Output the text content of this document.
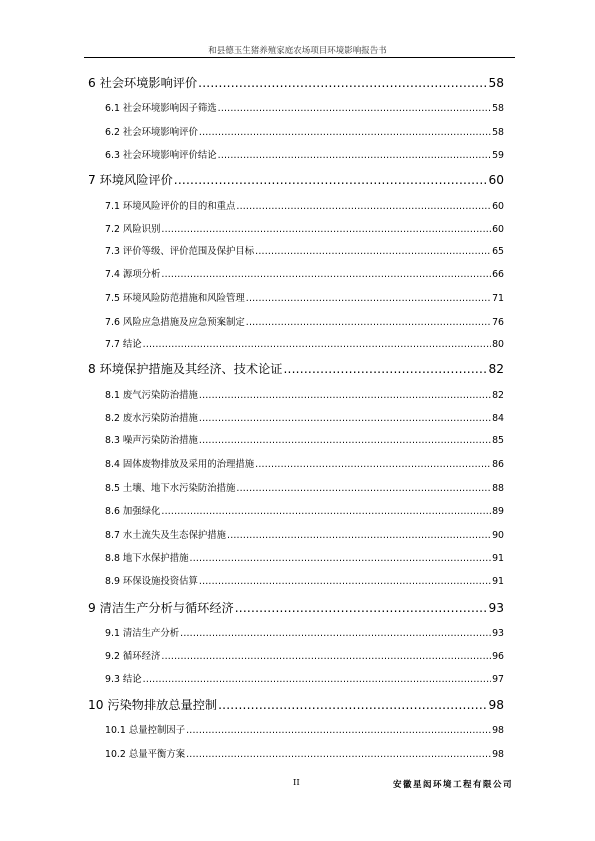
和县德玉生猪养殖家庭农场项目环境影响报告书
6 社会环境影响评价 .....	58
6.1 社会环境影响因子筛选 .....	58
6.2 社会环境影响评价 .....	58
6.3 社会环境影响评价结论 .....	59
7 环境风险评价 .....	60
7.1 环境风险评价的目的和重点 .....	60
7.2 风险识别 .....	60
7.3 评价等级、评价范围及保护目标 .....	65
7.4 源项分析 .....	66
7.5 环境风险防范措施和风险管理 .....	71
7.6 风险应急措施及应急预案制定 .....	76
7.7 结论 .....	80
8 环境保护措施及其经济、技术论证 .....	82
8.1 废气污染防治措施 .....	82
8.2 废水污染防治措施 .....	84
8.3 噪声污染防治措施 .....	85
8.4 固体废物排放及采用的治理措施 .....	86
8.5 土壤、地下水污染防治措施 .....	88
8.6 加强绿化 .....	89
8.7 水土流失及生态保护措施 .....	90
8.8 地下水保护措施 .....	91
8.9 环保设施投资估算 .....	91
9 清洁生产分析与循环经济 .....	93
9.1 清洁生产分析 .....	93
9.2 循环经济 .....	96
9.3 结论 .....	97
10 污染物排放总量控制 .....	98
10.1 总量控制因子 .....	98
10.2 总量平衡方案 .....	98
II	安徽星闳环境工程有限公司
